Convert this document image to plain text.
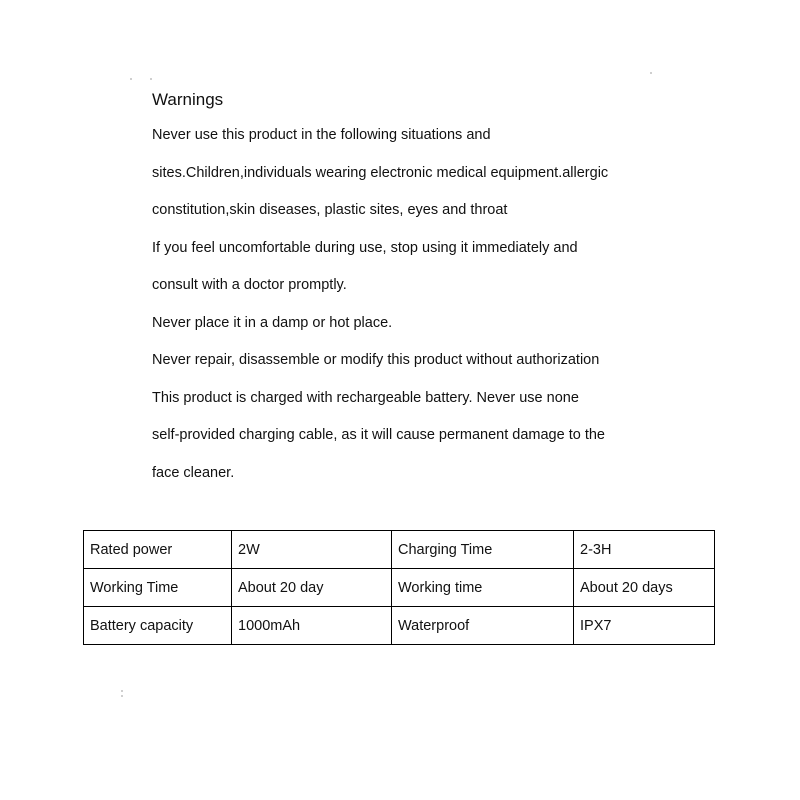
Warnings
Never use this product in the following situations and
sites.Children,individuals wearing electronic medical equipment.allergic
constitution,skin diseases, plastic sites, eyes and throat
If you feel uncomfortable during use, stop using it immediately and
consult with a doctor promptly.
Never place it in a damp or hot place.
Never repair, disassemble or modify this product without authorization
This product is charged with rechargeable battery. Never use none
self-provided charging cable, as it will cause permanent damage to the
face cleaner.
Rated power	2W	Charging Time	2-3H
Working Time	About 20 day	Working time	About 20 days
Battery capacity	1000mAh	Waterproof	IPX7
